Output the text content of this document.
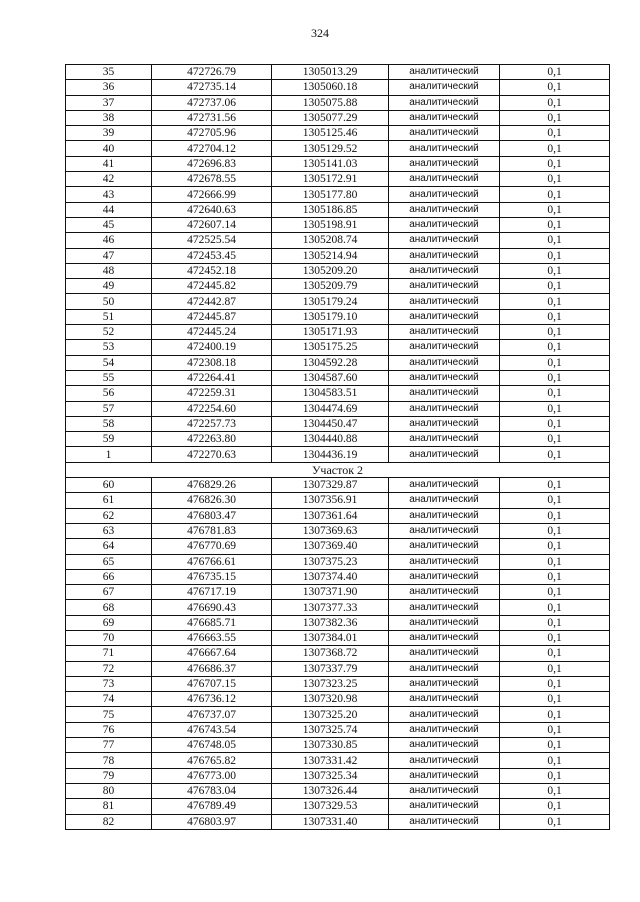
324
35	472726.79	1305013.29	аналитический	0,1
36	472735.14	1305060.18	аналитический	0,1
37	472737.06	1305075.88	аналитический	0,1
38	472731.56	1305077.29	аналитический	0,1
39	472705.96	1305125.46	аналитический	0,1
40	472704.12	1305129.52	аналитический	0,1
41	472696.83	1305141.03	аналитический	0,1
42	472678.55	1305172.91	аналитический	0,1
43	472666.99	1305177.80	аналитический	0,1
44	472640.63	1305186.85	аналитический	0,1
45	472607.14	1305198.91	аналитический	0,1
46	472525.54	1305208.74	аналитический	0,1
47	472453.45	1305214.94	аналитический	0,1
48	472452.18	1305209.20	аналитический	0,1
49	472445.82	1305209.79	аналитический	0,1
50	472442.87	1305179.24	аналитический	0,1
51	472445.87	1305179.10	аналитический	0,1
52	472445.24	1305171.93	аналитический	0,1
53	472400.19	1305175.25	аналитический	0,1
54	472308.18	1304592.28	аналитический	0,1
55	472264.41	1304587.60	аналитический	0,1
56	472259.31	1304583.51	аналитический	0,1
57	472254.60	1304474.69	аналитический	0,1
58	472257.73	1304450.47	аналитический	0,1
59	472263.80	1304440.88	аналитический	0,1
1	472270.63	1304436.19	аналитический	0,1
Участок 2				
60	476829.26	1307329.87	аналитический	0,1
61	476826.30	1307356.91	аналитический	0,1
62	476803.47	1307361.64	аналитический	0,1
63	476781.83	1307369.63	аналитический	0,1
64	476770.69	1307369.40	аналитический	0,1
65	476766.61	1307375.23	аналитический	0,1
66	476735.15	1307374.40	аналитический	0,1
67	476717.19	1307371.90	аналитический	0,1
68	476690.43	1307377.33	аналитический	0,1
69	476685.71	1307382.36	аналитический	0,1
70	476663.55	1307384.01	аналитический	0,1
71	476667.64	1307368.72	аналитический	0,1
72	476686.37	1307337.79	аналитический	0,1
73	476707.15	1307323.25	аналитический	0,1
74	476736.12	1307320.98	аналитический	0,1
75	476737.07	1307325.20	аналитический	0,1
76	476743.54	1307325.74	аналитический	0,1
77	476748.05	1307330.85	аналитический	0,1
78	476765.82	1307331.42	аналитический	0,1
79	476773.00	1307325.34	аналитический	0,1
80	476783.04	1307326.44	аналитический	0,1
81	476789.49	1307329.53	аналитический	0,1
82	476803.97	1307331.40	аналитический	0,1
